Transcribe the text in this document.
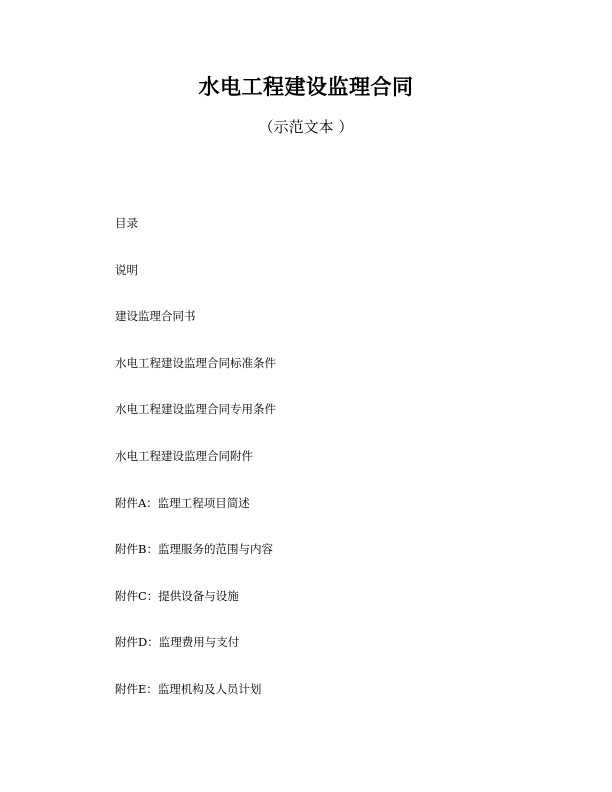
水电工程建设监理合同
（示范文本 ）
目录
说明
建设监理合同书
水电工程建设监理合同标准条件
水电工程建设监理合同专用条件
水电工程建设监理合同附件
附件A：监理工程项目简述
附件B：监理服务的范围与内容
附件C：提供设备与设施
附件D：监理费用与支付
附件E：监理机构及人员计划
